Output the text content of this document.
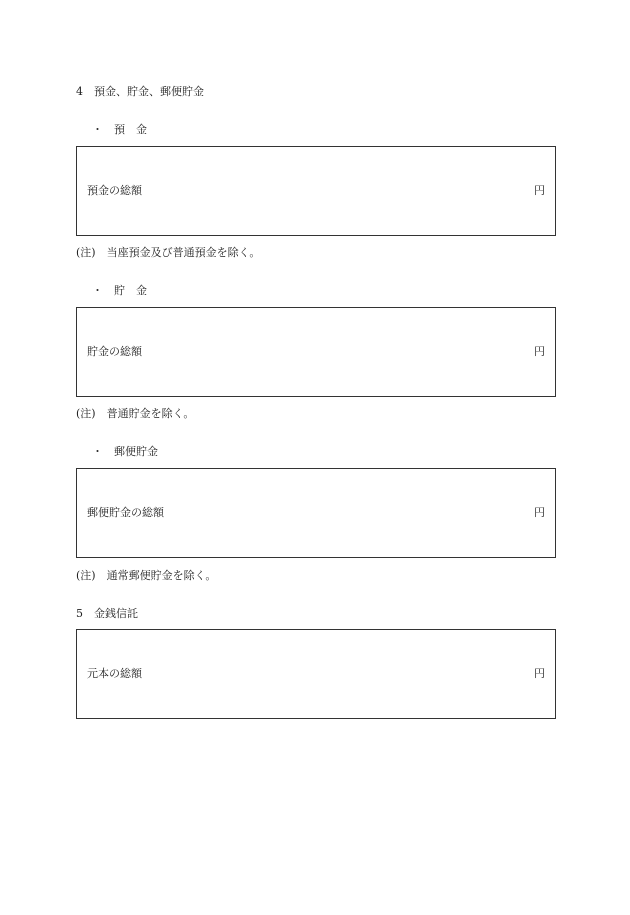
4　預金、貯金、郵便貯金
・　預　金
預金の総額	円
(注)　当座預金及び普通預金を除く。
・　貯　金
貯金の総額	円
(注)　普通貯金を除く。
・　郵便貯金
郵便貯金の総額	円
(注)　通常郵便貯金を除く。
5　金銭信託
元本の総額	円
